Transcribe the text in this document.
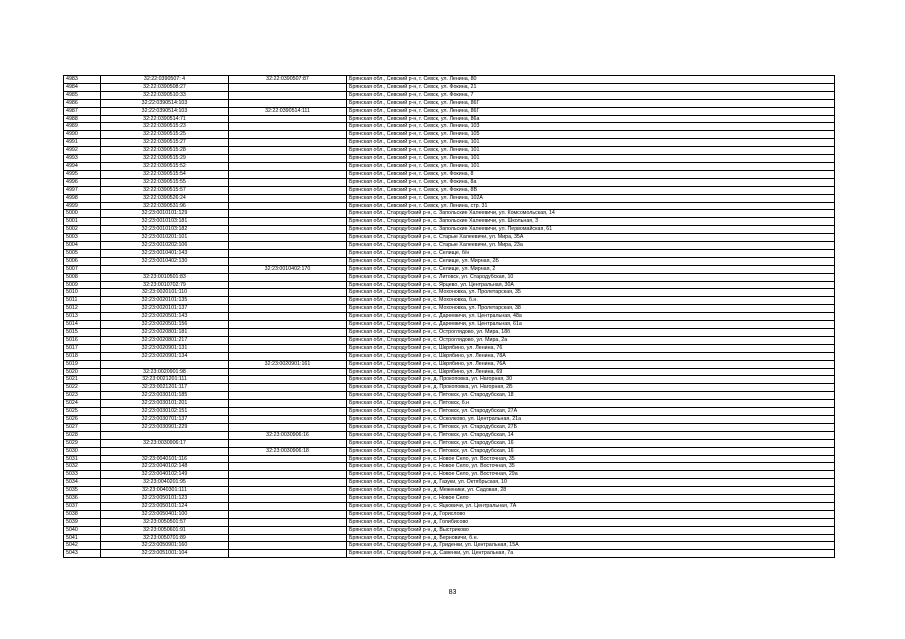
4983	32:22:0390507: 4	32:22:0390507:87	Брянская обл., Севский р-н, г. Севск, ул. Ленина, 80
4984	32:22:0390508:27		Брянская обл., Севский р-н, г. Севск, ул. Фокина, 21
4985	32:22:0390510:33		Брянская обл., Севский р-н, г. Севск, ул. Фокина, 7
4986	32:22:0390514:103		Брянская обл., Севский р-н, г. Севск, ул. Ленина, 86Г
4987	32:22:0390514:103	32:22:0390514:111	Брянская обл., Севский р-н, г. Севск, ул. Ленина, 86Г
4988	32:22:0390514:71		Брянская обл., Севский р-н, г. Севск, ул. Ленина, 86а
4989	32:22:0390515:23		Брянская обл., Севский р-н, г. Севск, ул. Ленина, 103
4990	32:22:0390515:25		Брянская обл., Севский р-н, г. Севск, ул. Ленина, 105
4991	32:22:0390515:27		Брянская обл., Севский р-н, г. Севск, ул. Ленина, 101
4992	32:22:0390515:28		Брянская обл., Севский р-н, г. Севск, ул. Ленина, 101
4993	32:22:0390515:29		Брянская обл., Севский р-н, г. Севск, ул. Ленина, 101
4994	32:22:0390515:52		Брянская обл., Севский р-н, г. Севск, ул. Ленина, 101
4995	32:22:0390515:54		Брянская обл., Севский р-н, г. Севск, ул. Фокина, 8
4996	32:22:0390515:55		Брянская обл., Севский р-н, г. Севск, ул. Фокина, 8а
4997	32:22:0390515:57		Брянская обл., Севский р-н, г. Севск, ул. Фокина, 8В
4998	32:22:0390526:24		Брянская обл., Севский р-н, г. Севск, ул. Ленина, 102А
4999	32:22:0390531:96		Брянская обл., Севский р-н, г. Севск, ул. Ленина, стр. 31
5000	32:23:0010101:129		Брянская обл., Стародубский р-н, с. Запольские Халеевичи, ул. Комсомольская, 14
5001	32:23:0010103:181		Брянская обл., Стародубский р-н, с. Запольские Халеевичи, ул. Школьная, 3
5002	32:23:0010103:182		Брянская обл., Стародубский р-н, с. Запольские Халеевичи, ул. Первомайская, 61
5003	32:23:0010201:101		Брянская обл., Стародубский р-н, с. Старые Халеевичи, ул. Мира, 35А
5004	32:23:0010202:106		Брянская обл., Стародубский р-н, с. Старые Халеевичи, ул. Мира, 23а
5005	32:23:0010401:143		Брянская обл., Стародубский р-н, с. Селище, б/н
5006	32:23:0010402:130		Брянская обл., Стародубский р-н, с. Селище, ул. Мирная, 2Б
5007		32:23:0010402:170	Брянская обл., Стародубский р-н, с. Селище, ул. Мирная, 2
5008	32:23:0010501:83		Брянская обл., Стародубский р-н, с. Литовск, ул. Стародубская, 10
5009	32:23:0010702:79		Брянская обл., Стародубский р-н, с. Ярцево, ул. Центральная, 30А
5010	32:23:0020101:110		Брянская обл., Стародубский р-н, с. Мохоновка, ул. Пролетарская, 35
5011	32:23:0020101:135		Брянская обл., Стародубский р-н, с. Мохоновка, б.н.
5012	32:23:0020101:137		Брянская обл., Стародубский р-н, с. Мохоновка, ул. Пролетарская, 38
5013	32:23:0020501:143		Брянская обл., Стародубский р-н, с. Дареевичи, ул. Центральная, 48а
5014	32:23:0020501:156		Брянская обл., Стародубский р-н, с. Дареевичи, ул. Центральная, 61а
5015	32:23:0020801:181		Брянская обл., Стародубский р-н, с. Остроглядово, ул. Мира, 18б
5016	32:23:0020801:217		Брянская обл., Стародубский р-н, с. Остроглядово, ул. Мира, 2а
5017	32:23:0020901:131		Брянская обл., Стародубский р-н, с. Шкрябино, ул. Ленина, 76
5018	32:23:0020901:134		Брянская обл., Стародубский р-н, с. Шкрябино, ул. Ленина, 78А
5019		32:23:0020901:161	Брянская обл., Стародубский р-н, с. Шкрябино, ул. Ленина, 76А
5020	32:23:0020901:98		Брянская обл., Стародубский р-н, с. Шкрябино, ул. Ленина, 69
5021	32:23:0021201:111		Брянская обл., Стародубский р-н, д. Прокоповка, ул. Нагорная, 30
5022	32:23:0021201:117		Брянская обл., Стародубский р-н, д. Прокоповка, ул. Нагорная, 2Б
5023	32:23:0030101:185		Брянская обл., Стародубский р-н, с. Пятовск, ул. Стародубская, 18
5024	32:23:0030101:201		Брянская обл., Стародубский р-н, с. Пятовск, б.н
5025	32:23:0030102:151		Брянская обл., Стародубский р-н, с. Пятовск, ул. Стародубская, 27А
5026	32:23:0030701:137		Брянская обл., Стародубский р-н, с. Осколково, ул. Центральная, 21а
5027	32:23:0030901:229		Брянская обл., Стародубский р-н, с. Пятовск, ул. Стародубская, 27Б
5028		32:23:0030906:16	Брянская обл., Стародубский р-н, с. Пятовск, ул. Стародубская, 14
5029	32:23:0030906:17		Брянская обл., Стародубский р-н, с. Пятовск, ул. Стародубская, 16
5030		32:23:0030906:18	Брянская обл., Стародубский р-н, с. Пятовск, ул. Стародубская, 16
5031	32:23:0040101:116		Брянская обл., Стародубский р-н, с. Новое Село, ул. Восточная, 35
5032	32:23:0040102:148		Брянская обл., Стародубский р-н, с. Новое Село, ул. Восточная, 35
5033	32:23:0040102:149		Брянская обл., Стародубский р-н, с. Новое Село, ул. Восточная, 29а
5034	32:23:0040201:95		Брянская обл., Стародубский р-н, д. Газуки, ул. Октябрьская, 10
5035	32:23:0040301:111		Брянская обл., Стародубский р-н, д. Меженики, ул. Садовая, 28
5036	32:23:0050101:123		Брянская обл., Стародубский р-н, с. Новое Село
5037	32:23:0050101:124		Брянская обл., Стародубский р-н, с. Яцковичи, ул. Центральная, 7А
5038	32:23:0050401:100		Брянская обл., Стародубский р-н, д. Горислово
5039	32:23:0050501:57		Брянская обл., Стародубский р-н, д. Голибисово
5040	32:23:0050601:91		Брянская обл., Стародубский р-н, д. Выстриково
5041	32:23:0050701:89		Брянская обл., Стародубский р-н, д. Берновичи, б.н.
5042	32:23:0050901:160		Брянская обл., Стародубский р-н, д. Гриденки, ул. Центральная, 15А
5043	32:23:0051001:104		Брянская обл., Стародубский р-н, д. Савенки, ул. Центральная, 7а
83
